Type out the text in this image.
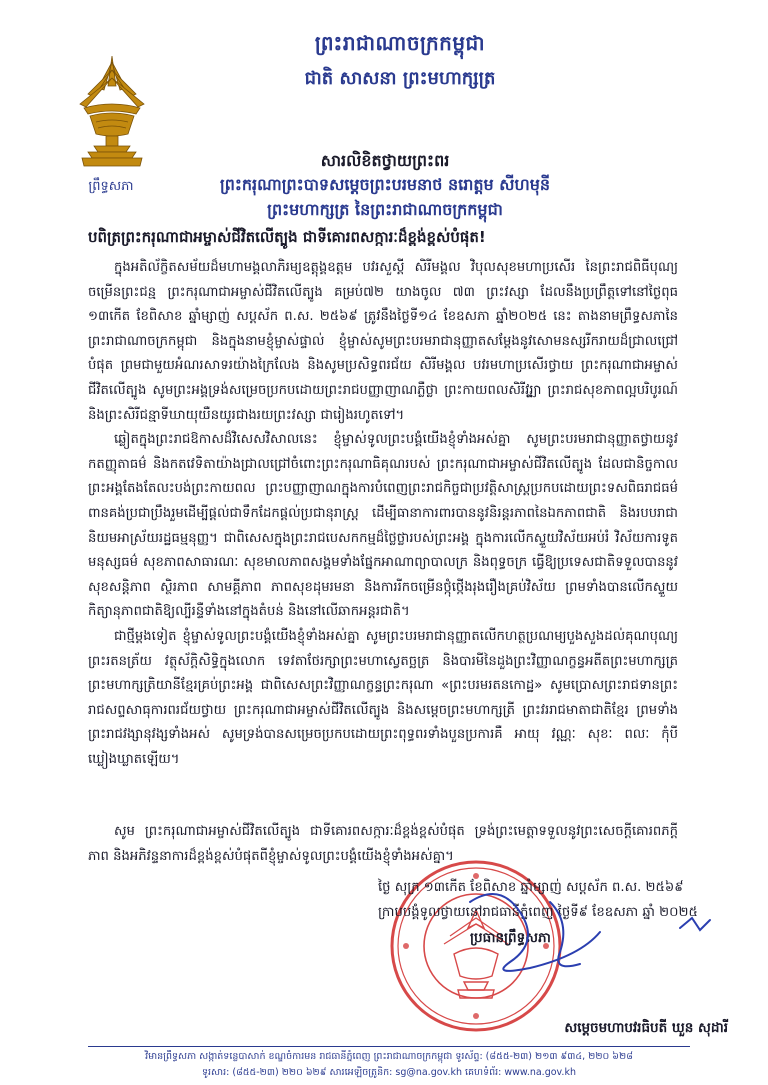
ព្រឹទ្ធសភា
ព្រះរាជាណាចក្រកម្ពុជា
ជាតិ សាសនា ព្រះមហាក្សត្រ
សារលិខិតថ្វាយព្រះពរ
ព្រះករុណាព្រះបាទសម្តេចព្រះបរមនាថ នរោត្តម សីហមុនី
ព្រះមហាក្សត្រ នៃព្រះរាជាណាចក្រកម្ពុជា
បពិត្រព្រះករុណាជាអម្ចាស់ជីវិតលើត្បូង ជាទីគោរពសក្ការៈដ៏ខ្ពង់ខ្ពស់បំផុត!

ក្នុងអតិល័ក្ខិតសម័យដ៏មហាមង្គលាភិរម្យឧត្តុង្គឧត្តម បវរសួស្តី សិរីមង្គល វិបុលសុខមហាប្រសើរ នៃព្រះរាជពិធីបុណ្យចម្រើនព្រះជន្ម ព្រះករុណាជាអម្ចាស់ជីវិតលើត្បូង គម្រប់៧២ យាងចូល ៧៣ ព្រះវស្សា ដែលនឹងប្រព្រឹត្តទៅនៅថ្ងៃពុធ ១៣កើត ខែពិសាខ ឆ្នាំម្សាញ់ សប្តស័ក ព.ស. ២៥៦៩ ត្រូវនឹងថ្ងៃទី១៤ ខែឧសភា ឆ្នាំ២០២៥ នេះ តាងនាមព្រឹទ្ធសភានៃព្រះរាជាណាចក្រកម្ពុជា និងក្នុងនាមខ្ញុំម្ចាស់ផ្ទាល់ ខ្ញុំម្ចាស់សូមព្រះបរមរាជានុញ្ញាតសម្តែងនូវសោមនស្សរីករាយដ៏ជ្រាលជ្រៅបំផុត ព្រមជាមួយអំណរសាទរយ៉ាងក្រៃលែង និងសូមប្រសិទ្ធពរជ័យ សិរីមង្គល បវរមហាប្រសើរថ្វាយ ព្រះករុណាជាអម្ចាស់ជីវិតលើត្បូង សូមព្រះអង្គទ្រង់សម្រេចប្រកបដោយព្រះរាជបញ្ញាញាណភ្លឺថ្លា ព្រះកាយពលសិរីវរ្ឌ្ឍា ព្រះរាជសុខភាពល្អបរិបូរណ៍ និងព្រះសិរីជន្មាទីឃាយុយឺនយូរជាងរយព្រះវស្សា ជារៀងរហូតទៅ។

ឆ្លៀតក្នុងព្រះរាជឱកាសដ៏វិសេសវិសាលនេះ ខ្ញុំម្ចាស់ទូលព្រះបង្គំយើងខ្ញុំទាំងអស់គ្នា សូមព្រះបរមរាជានុញ្ញាតថ្វាយនូវកតញ្ញុតាធម៌ និងកតវេទិតាយ៉ាងជ្រាលជ្រៅចំពោះព្រះករុណាធិគុណរបស់ ព្រះករុណាជាអម្ចាស់ជីវិតលើត្បូង ដែលជានិច្ចកាល ព្រះអង្គតែងតែលះបង់ព្រះកាយពល ព្រះបញ្ញាញាណក្នុងការបំពេញព្រះរាជកិច្ចជាប្រវត្តិសាស្ត្រប្រកបដោយព្រះទសពិធរាជធម៌ ពានគង់ប្រជាប្រឹងរួមដើម្បីផ្តល់ជាទឹកដែកផ្តល់ប្រជានុរាស្ត្រ ដើម្បីធានាការពារបាននូវនិរន្តរភាពនៃឯកភាពជាតិ និងរបបរាជានិយមអាស្រ័យរដ្ឋធម្មនុញ្ញ។ ជាពិសេសក្នុងព្រះរាជបេសកកម្មដ៏ថ្លៃថ្លារបស់ព្រះអង្គ ក្នុងការលើកស្ទួយវិស័យអប់រំ វិស័យការទូត មនុស្សធម៌ សុខភាពសាធារណៈ សុខមាលភាពសង្គមទាំងផ្នែកអាណាព្យាបាលក្រ និងពុទ្ធចក្រ ធ្វើឱ្យប្រទេសជាតិទទួលបាននូវសុខសន្តិភាព ស្ថិរភាព សាមគ្គីភាព ភាពសុខដុមរមនា និងការរីកចម្រើនថ្កុំថ្កើងរុងរឿងគ្រប់វិស័យ ព្រមទាំងបានលើកស្ទួយកិត្យានុភាពជាតិឱ្យល្បីរន្ទឺទាំងនៅក្នុងតំបន់ និងនៅលើឆាកអន្តរជាតិ។

ជាថ្មីម្តងទៀត ខ្ញុំម្ចាស់ទូលព្រះបង្គំយើងខ្ញុំទាំងអស់គ្នា សូមព្រះបរមរាជានុញ្ញាតលើកហត្ថប្រណម្យបួងសួងដល់គុណបុណ្យព្រះរតនត្រ័យ វត្ថុស័ក្តិសិទ្ធិក្នុងលោក ទេវតាថែរក្សាព្រះមហាស្វេតច្ឆត្រ និងបារមីនៃដួងព្រះវិញ្ញាណក្ខន្ធអតីតព្រះមហាក្សត្រ ព្រះមហាក្សត្រិយានីខ្មែរគ្រប់ព្រះអង្គ ជាពិសេសព្រះវិញ្ញាណក្ខន្ធព្រះករុណា «ព្រះបរមរតនកោដ្ឋ» សូមប្រោសព្រះរាជទានព្រះរាជសព្ទសាធុការពរជ័យថ្វាយ ព្រះករុណាជាអម្ចាស់ជីវិតលើត្បូង និងសម្តេចព្រះមហាក្សត្រី ព្រះវររាជមាតាជាតិខ្មែរ ព្រមទាំងព្រះរាជវង្សានុវង្សទាំងអស់ សូមទ្រង់បានសម្រេចប្រកបដោយព្រះពុទ្ធពរទាំងបួនប្រការគឺ អាយុ វណ្ណៈ សុខៈ ពលៈ កុំបីឃ្លៀងឃ្លាតឡើយ។

សូម ព្រះករុណាជាអម្ចាស់ជីវិតលើត្បូង ជាទីគោរពសក្ការៈដ៏ខ្ពង់ខ្ពស់បំផុត ទ្រង់ព្រះមេត្តាទទួលនូវព្រះសេចក្តីគោរពភក្តីភាព និងអភិវន្ទនាការដ៏ខ្ពង់ខ្ពស់បំផុតពីខ្ញុំម្ចាស់ទូលព្រះបង្គំយើងខ្ញុំទាំងអស់គ្នា។
ថ្ងៃ សុក្រ ១៣កើត ខែពិសាខ ឆ្នាំម្សាញ់ សប្តស័ក ព.ស. ២៥៦៩
ក្រាបបង្គំទូលថ្វាយនៅរាជធានីភ្នំពេញ ថ្ងៃទី៩ ខែឧសភា ឆ្នាំ ២០២៥
ប្រធានព្រឹទ្ធសភា
សម្តេចមហាបវរធិបតី ឃួន សុដារី
វិមានព្រឹទ្ធសភា សង្កាត់ទន្លេបាសាក់ ខណ្ឌចំការមន រាជធានីភ្នំពេញ ព្រះរាជាណាចក្រកម្ពុជា ទូរស័ព្ទ: (៨៥៥-២៣) ២១៣ ៩៣៤, ២២០ ៦២៨
ទូរសារ: (៨៥៥-២៣) ២២០ ៦២៩ សារអេឡិចត្រូនិក: sg@na.gov.kh គេហទំព័រ: www.na.gov.kh
